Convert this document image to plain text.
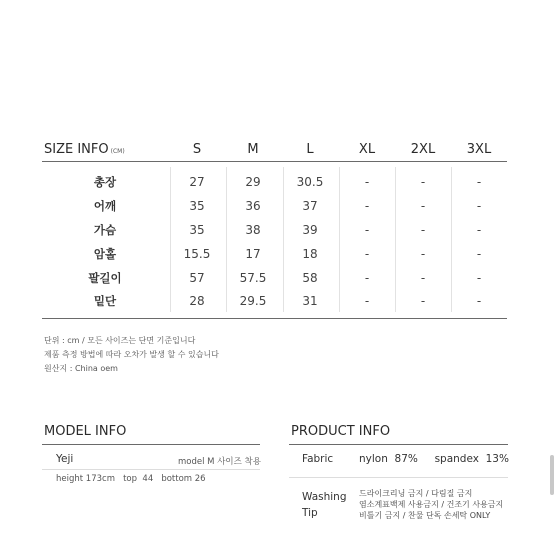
SIZE INFO (CM)	S	M	L	XL	2XL	3XL
총장	27	29	30.5	-	-	-
어깨	35	36	37	-	-	-
가슴	35	38	39	-	-	-
암홀	15.5	17	18	-	-	-
팔길이	57	57.5	58	-	-	-
밑단	28	29.5	31	-	-	-
단위 : cm / 모든 사이즈는 단면 기준입니다
제품 측정 방법에 따라 오차가 발생 할 수 있습니다
원산지 : China oem
MODEL INFO
Yeji	model M 사이즈 착용
height 173cm   top  44   bottom 26
PRODUCT INFO
Fabric nylon  87%     spandex  13%
Washing
Tip
드라이크리닝 금지 / 다림질 금지
염소계표백제 사용금지 / 건조기 사용금지
비틀기 금지 / 찬물 단독 손세탁 ONLY
